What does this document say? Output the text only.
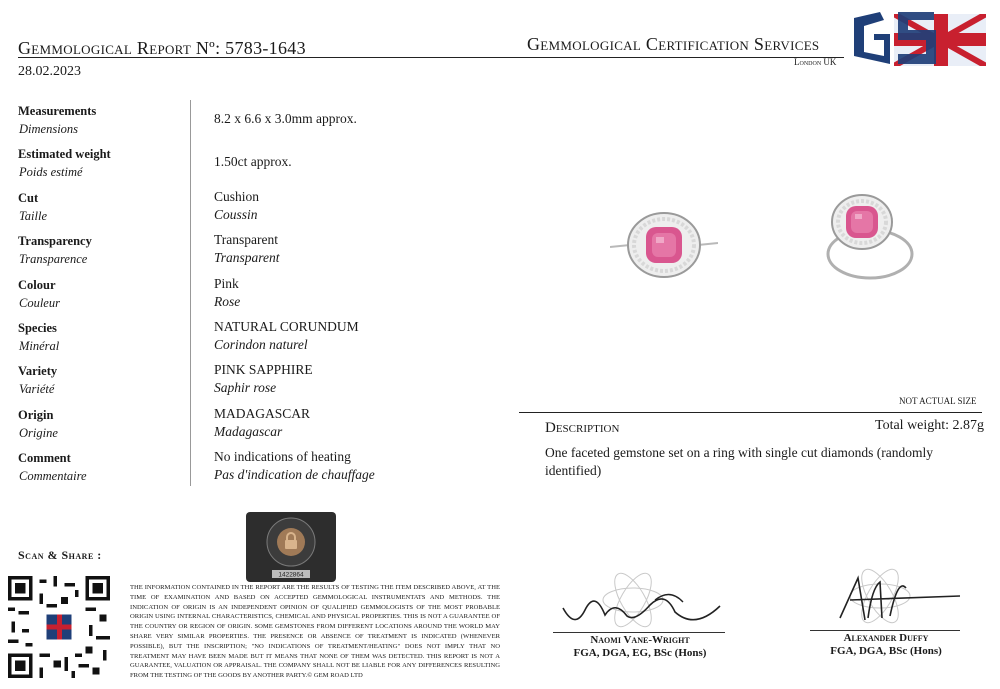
Gemmological Report Nº: 5783-1643
28.02.2023
Gemmological Certification Services
London UK
Measurements
Dimensions
8.2 x 6.6 x 3.0mm approx.
Estimated weight
Poids estimé
1.50ct approx.
Cut
Taille
Cushion
Coussin
Transparency
Transparence
Transparent
Transparent
Colour
Couleur
Pink
Rose
Species
Minéral
NATURAL CORUNDUM
Corindon naturel
Variety
Variété
PINK SAPPHIRE
Saphir rose
Origin
Origine
MADAGASCAR
Madagascar
Comment
Commentaire
No indications of heating
Pas d'indication de chauffage
NOT ACTUAL SIZE
Description	Total weight: 2.87g
One faceted gemstone set on a ring with single cut diamonds (randomly identified)
Scan & Share :
1422864
THE INFORMATION CONTAINED IN THE REPORT ARE THE RESULTS OF TESTING THE ITEM DESCRIBED ABOVE, AT THE TIME OF EXAMINATION AND BASED ON ACCEPTED GEMMOLOGICAL INSTRUMENTATS AND METHODS. THE INDICATION OF ORIGIN IS AN INDEPENDENT OPINION OF QUALIFIED GEMMOLOGISTS OF THE MOST PROBABLE ORIGIN USING INTERNAL CHARACTERISTICS, CHEMICAL AND PHYSICAL PROPERTIES. THIS IS NOT A GUARANTEE OF THE COUNTRY OR REGION OF ORIGIN. SOME GEMSTONES FROM DIFFERENT LOCATIONS AROUND THE WORLD MAY SHARE VERY SIMILAR PROPERTIES. THE PRESENCE OR ABSENCE OF TREATMENT IS INDICATED (WHENEVER POSSIBLE), BUT THE INSCRIPTION; "NO INDICATIONS OF TREATMENT/HEATING" DOES NOT IMPLY THAT NO TREATMENT MAY HAVE BEEN MADE BUT IT MEANS THAT NONE OF THEM WAS DETECTED. THIS REPORT IS NOT A GUARANTEE, VALUATION OR APPRAISAL. THE COMPANY SHALL NOT BE LIABLE FOR ANY DIFFERENCES RESULTING FROM THE TESTING OF THE GOODS BY ANOTHER PARTY.© GEM ROAD LTD
Naomi Vane-Wright
FGA, DGA, EG, BSc (Hons)
Alexander Duffy
FGA, DGA, BSc (Hons)
